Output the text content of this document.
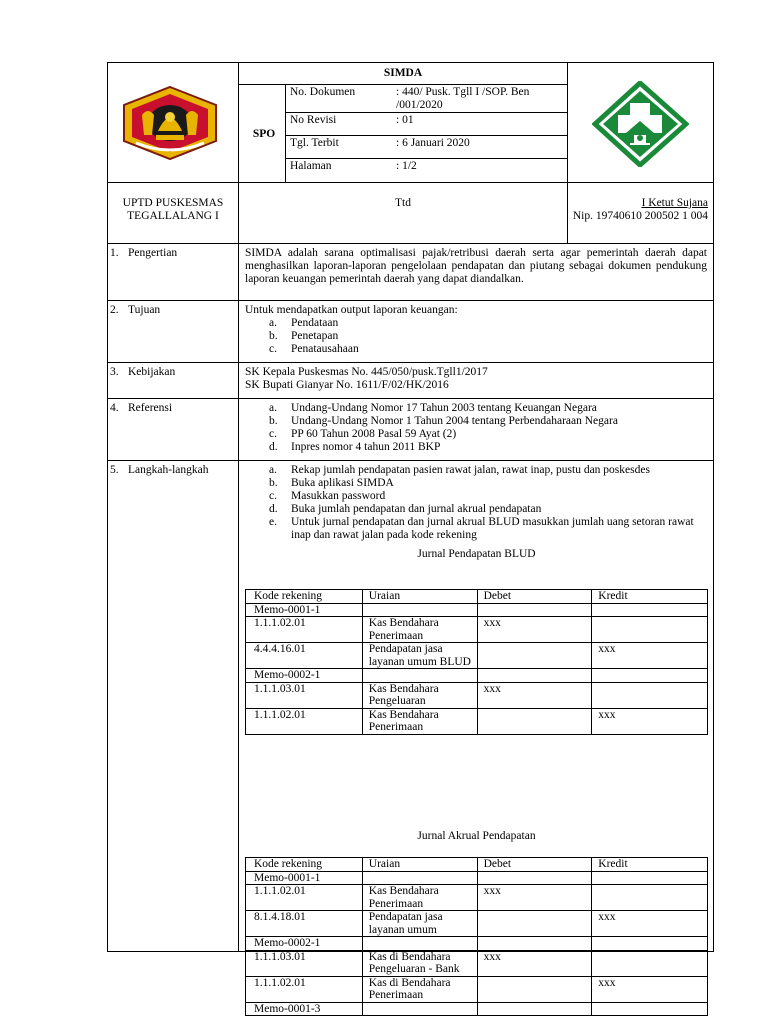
SIMDA
SPO
No. Dokumen	: 440/ Pusk. Tgll I /SOP. Ben /001/2020
No Revisi	: 01
Tgl. Terbit	: 6 Januari 2020
Halaman	: 1/2
UPTD PUSKESMAS
TEGALLALANG I
Ttd	I Ketut Sujana
Nip. 19740610 200502 1 004
1. Pengertian	SIMDA adalah sarana optimalisasi pajak/retribusi daerah serta agar pemerintah daerah dapat menghasilkan laporan-laporan pengelolaan pendapatan dan piutang sebagai dokumen pendukung laporan keuangan pemerintah daerah yang dapat diandalkan.
2. Tujuan	Untuk mendapatkan output laporan keuangan:
a. Pendataan
b. Penetapan
c. Penatausahaan
3. Kebijakan	SK Kepala Puskesmas No. 445/050/pusk.Tgll1/2017
SK Bupati Gianyar No. 1611/F/02/HK/2016
4. Referensi	a. Undang-Undang Nomor 17 Tahun 2003 tentang Keuangan Negara
b. Undang-Undang Nomor 1 Tahun 2004 tentang Perbendaharaan Negara
c. PP 60 Tahun 2008 Pasal 59 Ayat (2)
d. Inpres nomor 4 tahun 2011 BKP
5. Langkah-langkah	a. Rekap jumlah pendapatan pasien rawat jalan, rawat inap, pustu dan poskesdes
b. Buka aplikasi SIMDA
c. Masukkan password
d. Buka jumlah pendapatan dan jurnal akrual pendapatan
e. Untuk jurnal pendapatan dan jurnal akrual BLUD masukkan jumlah uang setoran rawat inap dan rawat jalan pada kode rekening
Jurnal Pendapatan BLUD
Kode rekening	Uraian	Debet	Kredit
Memo-0001-1			
1.1.1.02.01	Kas Bendahara Penerimaan	xxx	
4.4.4.16.01	Pendapatan jasa layanan umum BLUD		xxx
Memo-0002-1			
1.1.1.03.01	Kas Bendahara Pengeluaran	xxx	
1.1.1.02.01	Kas Bendahara Penerimaan		xxx
Jurnal Akrual Pendapatan
Kode rekening	Uraian	Debet	Kredit
Memo-0001-1			
1.1.1.02.01	Kas Bendahara Penerimaan	xxx	
8.1.4.18.01	Pendapatan jasa layanan umum		xxx
Memo-0002-1			
1.1.1.03.01	Kas di Bendahara Pengeluaran - Bank	xxx	
1.1.1.02.01	Kas di Bendahara Penerimaan		xxx
Memo-0001-3			
